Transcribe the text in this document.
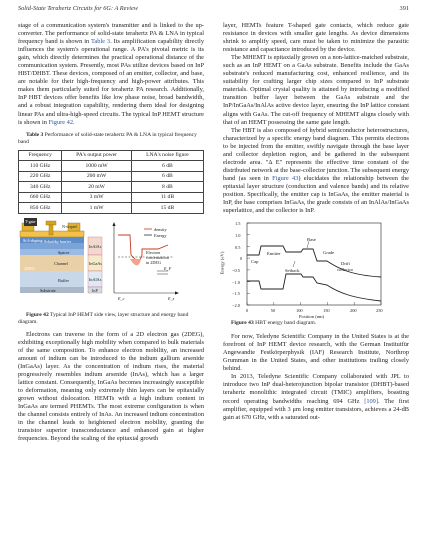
Solid-State Terahertz Circuits for 6G: A Review	391

stage of a communication system's transmitter and is linked to the up-converter. The performance of solid-state terahertz PA & LNA in typical frequency band is shown in Table 3. Its amplification capability directly influences the system's operational range. A PA's pivotal metric is its gain, which directly determines the practical operational distance of the communication system. Presently, most PAs utilize devices based on InP HBT/DHBT. These devices, composed of an emitter, collector, and base, are notable for their high-frequency and high-power attributes. This makes them particularly suited for terahertz PA research. Additionally, InP HBT devices offer benefits like low phase noise, broad bandwidth, and a robust integration capability, rendering them ideal for designing linear PAs and ultra-high-speed circuits. The typical InP HEMT structure is shown in Figure 42.

Table 3 Performance of solid-state terahertz PA & LNA in typical frequency band

Frequency	PA's output power	LNA's noise figure
110 GHz	1000 mW	6 dB
220 GHz	200 mW	6 dB
340 GHz	20 mW	8 dB
660 GHz	3 mW	11 dB
850 GHz	1 mW	15 dB
T-gate
N-doped
Si δ-doping Schottky barrier
Spacer
Channel
2DEG
Buffer
Substrate
InAlAs
InGaAs
InAlAs
InP
density
Energy
Electron
concentration
in 2DEG
E_F
E_c	E_z

Figure 42 Typical InP HEMT side view, layer structure and energy band diagram.

Electrons can traverse in the form of a 2D electron gas (2DEG), exhibiting exceptionally high mobility when compared to bulk materials of the same composition. To enhance electron mobility, an increased amount of indium can be introduced to the indium gallium arsenide (InGaAs) layer. As the concentration of indium rises, the material progressively resembles indium arsenide (InAs), which has a larger lattice constant. Consequently, InGaAs becomes increasingly susceptible to deformation, meaning only extremely thin layers can be epitaxially grown without dislocation. HEMTs with a high indium content in InGaAs are termed PHEMTs. The most extreme configuration is when the channel consists entirely of InAs. An increased indium concentration in the channel leads to heightened electron mobility, granting the transistor superior transconductance and enhanced gain at higher frequencies. Beyond the scaling of the epitaxial growth

layer, HEMTs feature T-shaped gate contacts, which reduce gate resistance in devices with smaller gate lengths. As device dimensions shrink to amplify speed, care must be taken to minimize the parasitic resistance and capacitance introduced by the device.

The MHEMT is epitaxially grown on a non-lattice-matched substrate, such as an InP HEMT on a GaAs substrate. Benefits include the GaAs substrate's reduced manufacturing cost, enhanced resilience, and its suitability for crafting larger chip sizes compared to InP substrate materials. Optimal crystal quality is attained by introducing a modified transition buffer layer between the GaAs substrate and the InP/InGaAs/InAlAs active device layer, ensuring the InP lattice constant aligns with GaAs. The cut-off frequency of MHEMT aligns closely with that of an HEMT possessing the same gate length.

The HBT is also composed of hybrid semiconductor heterostructures, characterized by a specific energy band diagram. This permits electrons to be injected from the emitter, swiftly navigate through the base layer and collector depletion region, and be gathered in the subsequent electrode area. "Δ E" represents the effective time constant of the distributed network at the base-collector junction. The subsequent energy band (as seen in Figure 43) elucidates the relationship between the epitaxial layer structure (conduction and valence bands) and its relative position. Specifically, the emitter cap is InGaAs, the emitter material is InP, the base comprises InGaAs, the grade consists of an InAlAs/InGaAs superlattice, and the collector is InP.

Energy (eV)
1.5
1.0
0.5
0
−0.5
−1.0
−1.5
−2.0
0	50	100	150	200	250
Position (nm)
Cap
Emitter
Base
Setback
Grade
Drift
collector

Figure 43 HBT energy band diagram.

For now, Teledyne Scientific Company in the United States is at the forefront of InP HEMT device research, with the German Institutfür Angewandte Festkörperphysik (IAF) Research Institute, Northrop Grumman in the United States, and other institutions trailing closely behind.

In 2013, Teledyne Scientific Company collaborated with JPL to introduce two InP dual-heterojunction bipolar transistor (DHBT)-based terahertz monolithic integrated circuit (TMIC) amplifiers, boasting record operating bandwidths reaching 694 GHz [109]. The first amplifier, equipped with 3 μm long emitter transistors, achieves a 24-dB gain at 670 GHz, with a saturated out-
